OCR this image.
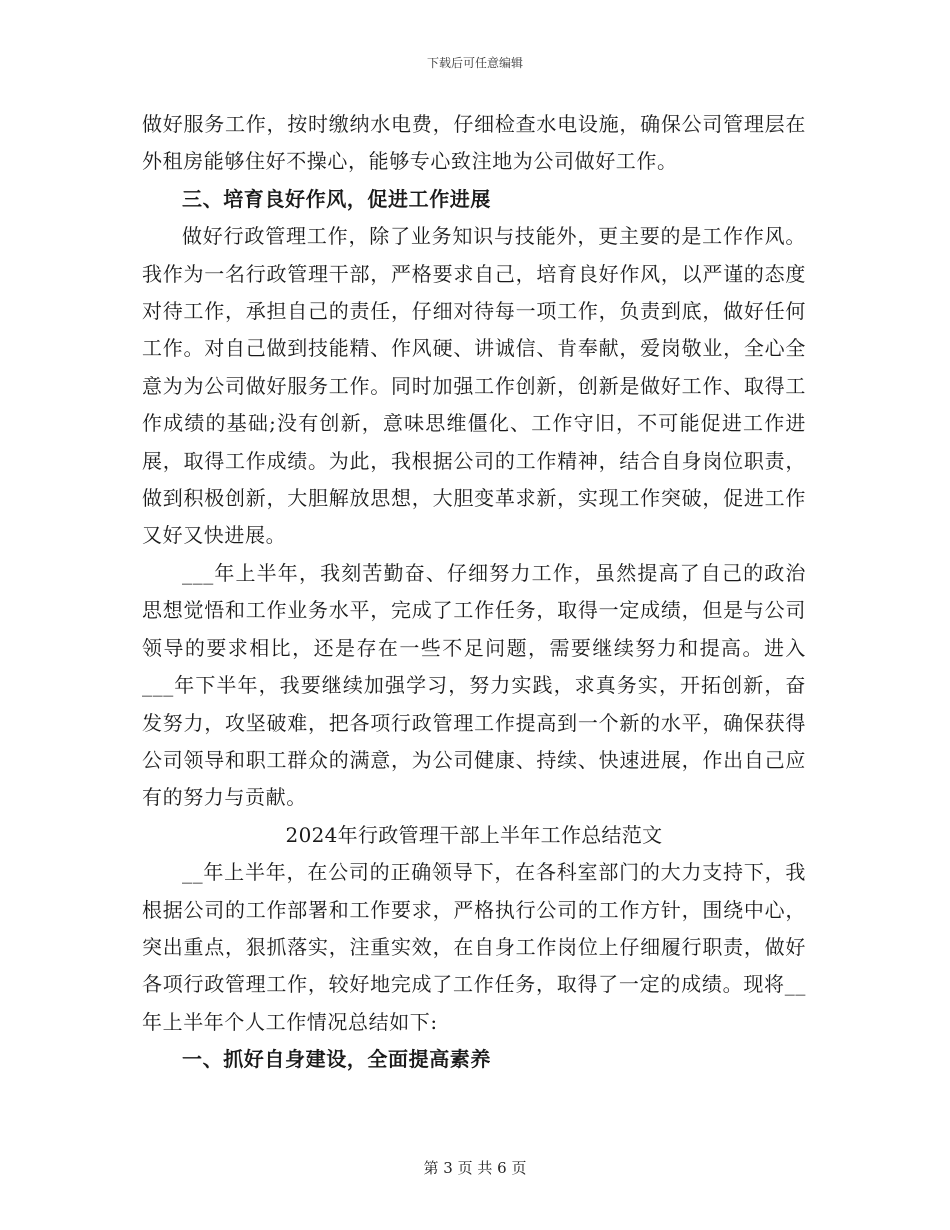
下载后可任意编辑

做好服务工作，按时缴纳水电费，仔细检查水电设施，确保公司管理层在外租房能够住好不操心，能够专心致注地为公司做好工作。

三、培育良好作风，促进工作进展

做好行政管理工作，除了业务知识与技能外，更主要的是工作作风。我作为一名行政管理干部，严格要求自己，培育良好作风，以严谨的态度对待工作，承担自己的责任，仔细对待每一项工作，负责到底，做好任何工作。对自己做到技能精、作风硬、讲诚信、肯奉献，爱岗敬业，全心全意为为公司做好服务工作。同时加强工作创新，创新是做好工作、取得工作成绩的基础;没有创新，意味思维僵化、工作守旧，不可能促进工作进展，取得工作成绩。为此，我根据公司的工作精神，结合自身岗位职责，做到积极创新，大胆解放思想，大胆变革求新，实现工作突破，促进工作又好又快进展。

___年上半年，我刻苦勤奋、仔细努力工作，虽然提高了自己的政治思想觉悟和工作业务水平，完成了工作任务，取得一定成绩，但是与公司领导的要求相比，还是存在一些不足问题，需要继续努力和提高。进入___年下半年，我要继续加强学习，努力实践，求真务实，开拓创新，奋发努力，攻坚破难，把各项行政管理工作提高到一个新的水平，确保获得公司领导和职工群众的满意，为公司健康、持续、快速进展，作出自己应有的努力与贡献。

2024年行政管理干部上半年工作总结范文

__年上半年，在公司的正确领导下，在各科室部门的大力支持下，我根据公司的工作部署和工作要求，严格执行公司的工作方针，围绕中心，突出重点，狠抓落实，注重实效，在自身工作岗位上仔细履行职责，做好各项行政管理工作，较好地完成了工作任务，取得了一定的成绩。现将__年上半年个人工作情况总结如下:

一、抓好自身建设，全面提高素养

第 3 页 共 6 页
